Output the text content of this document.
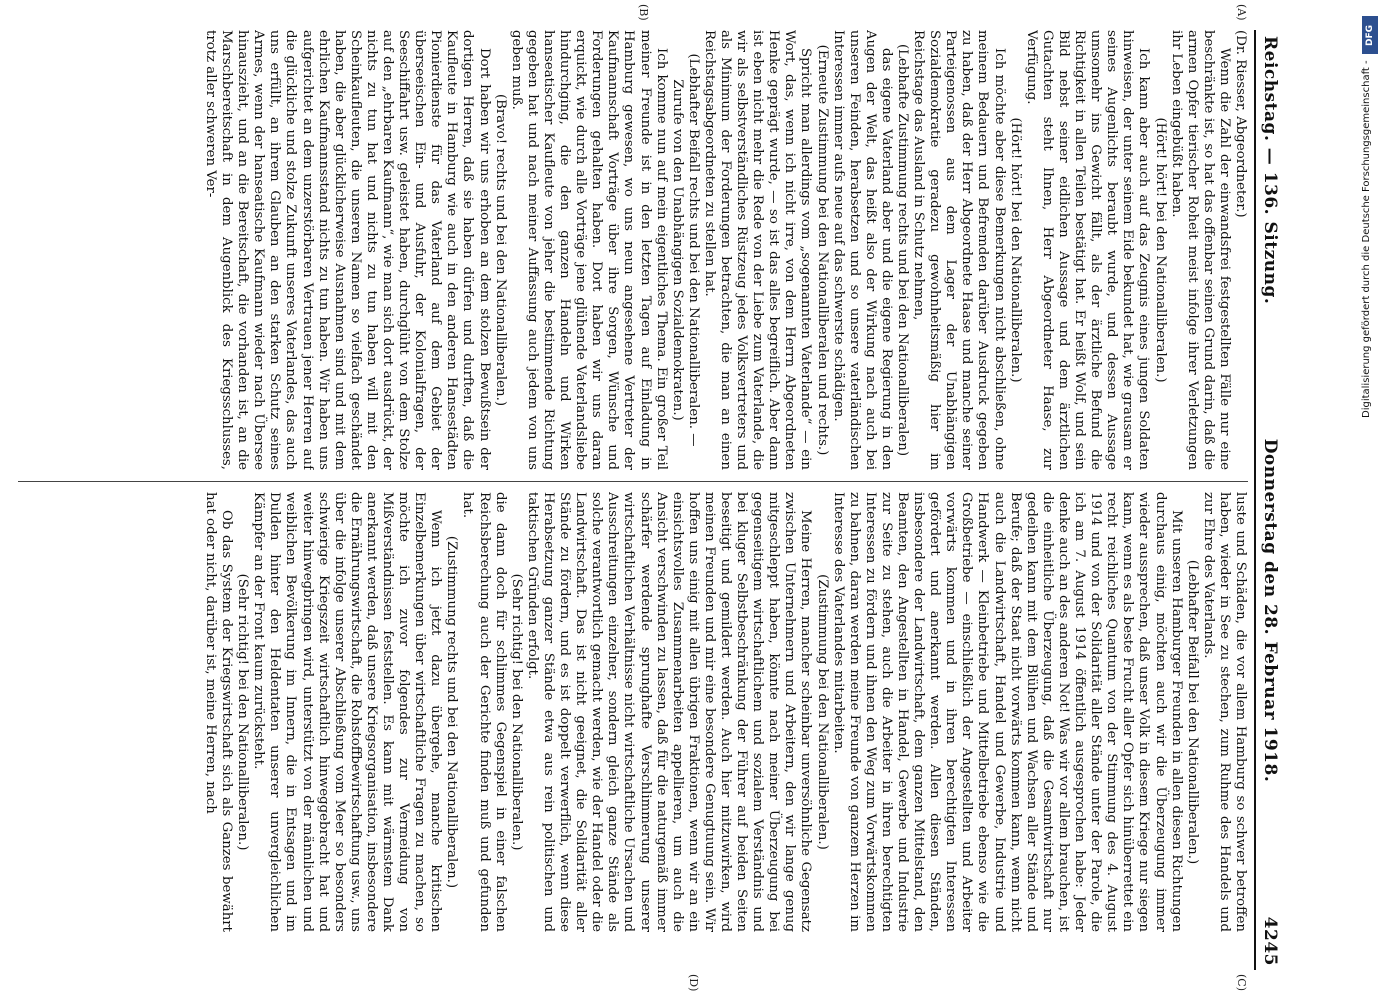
Reichstag. — 136. Sitzung.
Donnerstag den 28. Februar 1918.
4245

(Dr. Riesser, Abgeordneter.)

Wenn die Zahl der einwandsfrei festgestellten Fälle nur eine beschränkte ist, so hat das offenbar seinen Grund darin, daß die armen Opfer tierischer Roheit meist infolge ihrer Verletzungen ihr Leben eingebüßt haben.

(Hört! hört! bei den Nationalliberalen.)

Ich kann aber auch auf das Zeugnis eines jungen Soldaten hinweisen, der unter seinem Eide bekundet hat, wie grausam er seines Augenlichts beraubt wurde, und dessen Aussage umsomehr ins Gewicht fällt, als der ärztliche Befund die Richtigkeit in allen Teilen bestätigt hat. Er heißt Wolf, und sein Bild nebst seiner eidlichen Aussage und dem ärztlichen Gutachten steht Ihnen, Herr Abgeordneter Haase, zur Verfügung.

(Hört! hört! bei den Nationalliberalen.)

Ich möchte aber diese Bemerkungen nicht abschließen, ohne meinem Bedauern und Befremden darüber Ausdruck gegeben zu haben, daß der Herr Abgeordnete Haase und manche seiner Parteigenossen aus dem Lager der Unabhängigen Sozialdemokratie geradezu gewohnheitsmäßig hier im Reichstage das Ausland in Schutz nehmen,

(Lebhafte Zustimmung rechts und bei den Nationalliberalen)

das eigene Vaterland aber und die eigene Regierung in den Augen der Welt, das heißt also der Wirkung nach auch bei unseren Feinden, herabsetzen und so unsere vaterländischen Interessen immer aufs neue auf das schwerste schädigen.

(Erneute Zustimmung bei den Nationalliberalen und rechts.)

Spricht man allerdings vom „sogenannten Vaterlande“ — ein Wort, das, wenn ich nicht irre, von dem Herrn Abgeordneten Henke geprägt wurde, — so ist das alles begreiflich. Aber dann ist eben nicht mehr die Rede von der Liebe zum Vaterlande, die wir als selbstverständliches Rüstzeug jedes Volksvertreters und als Minimum der Forderungen betrachten, die man an einen Reichstagsabgeordneten zu stellen hat.

(Lebhafter Beifall rechts und bei den Nationalliberalen. — Zurufe von den Unabhängigen Sozialdemokraten.)

Ich komme nun auf mein eigentliches Thema. Ein großer Teil meiner Freunde ist in den letzten Tagen auf Einladung in Hamburg gewesen, wo uns neun angesehene Vertreter der Kaufmannschaft Vorträge über ihre Sorgen, Wünsche und Forderungen gehalten haben. Dort haben wir uns daran erquickt, wie durch alle Vorträge jene glühende Vaterlandsliebe hindurchging, die den ganzen Handeln und Wirken hanseatischer Kaufleute von jeher die bestimmende Richtung gegeben hat und nach meiner Auffassung auch jedem von uns geben muß.

(Bravo! rechts und bei den Nationalliberalen.)

Dort haben wir uns erhoben an dem stolzen Bewußtsein der dortigen Herren, daß sie haben dürfen und durften, daß die Kaufleute in Hamburg wie auch in den anderen Hansestädten Pionierdienste für das Vaterland auf dem Gebiet der überseeischen Ein- und Ausfuhr, der Kolonialfragen, der Seeschiffahrt usw. geleistet haben, durchglüht von dem Stolze auf den „ehrbaren Kaufmann“, wie man sich dort ausdrückt, der nichts zu tun hat und nichts zu tun haben will mit den Scheinkaufleuten, die unseren Namen so vielfach geschändet haben, die aber glücklicherweise Ausnahmen sind und mit dem ehrlichen Kaufmannsstand nichts zu tun haben. Wir haben uns aufgerichtet an dem unzerstörbaren Vertrauen jener Herren auf die glückliche und stolze Zukunft unseres Vaterlandes, das auch uns erfüllt, an ihrem Glauben an den starken Schutz seines Armes, wenn der hanseatische Kaufmann wieder nach Übersee hinauszieht, und an die Bereitschaft, die vorhanden ist, an die Marschbereitschaft in dem Augenblick des Kriegsschlusses, trotz aller schweren Ver-

luste und Schäden, die vor allem Hamburg so schwer betroffen haben, wieder in See zu stechen, zum Ruhme des Handels und zur Ehre des Vaterlands.

(Lebhafter Beifall bei den Nationalliberalen.)

Mit unseren Hamburger Freunden in allen diesen Richtungen durchaus einig, möchten auch wir die Überzeugung immer wieder aussprechen, daß unser Volk in diesem Kriege nur siegen kann, wenn es als beste Frucht aller Opfer sich hinüberrettet ein recht reichliches Quantum von der Stimmung des 4. August 1914 und von der Solidarität aller Stände unter der Parole, die ich am 7. August 1914 öffentlich ausgesprochen habe: Jeder denke auch an des anderen Not! Was wir vor allem brauchen, ist die einheitliche Überzeugung, daß die Gesamtwirtschaft nur gedeihen kann mit dem Blühen und Wachsen aller Stände und Berufe; daß der Staat nicht vorwärts kommen kann, wenn nicht auch die Landwirtschaft, Handel und Gewerbe, Industrie und Handwerk — Kleinbetriebe und Mittelbetriebe ebenso wie die Großbetriebe — einschließlich der Angestellten und Arbeiter vorwärts kommen und in ihren berechtigten Interessen gefördert und anerkannt werden. Allen diesen Ständen, insbesondere der Landwirtschaft, dem ganzen Mittelstand, den Beamten, den Angestellten in Handel, Gewerbe und Industrie zur Seite zu stehen, auch die Arbeiter in ihren berechtigten Interessen zu fördern und ihnen den Weg zum Vorwärtskommen zu bahnen, daran werden meine Freunde von ganzem Herzen im Interesse des Vaterlandes mitarbeiten.

(Zustimmung bei den Nationalliberalen.)

Meine Herren, mancher scheinbar unversöhnliche Gegensatz zwischen Unternehmern und Arbeitern, den wir lange genug mitgeschleppt haben, könnte nach meiner Überzeugung bei gegenseitigem wirtschaftlichem und sozialem Verständnis und bei kluger Selbstbeschränkung der Führer auf beiden Seiten beseitigt und gemildert werden. Auch hier mitzuwirken, wird meinen Freunden und mir eine besondere Genugtuung sein. Wir hoffen uns einig mit allen übrigen Fraktionen, wenn wir an ein einsichtsvolles Zusammenarbeiten appellieren, um auch die Ansicht verschwinden zu lassen, daß für die naturgemäß immer schärfer werdende sprunghafte Verschlimmerung unserer wirtschaftlichen Verhältnisse nicht wirtschaftliche Ursachen und Ausschreitungen einzelner, sondern gleich ganze Stände als solche verantwortlich gemacht werden, wie der Handel oder die Landwirtschaft. Das ist nicht geeignet, die Solidarität aller Stände zu fördern, und es ist doppelt verwerflich, wenn diese Herabsetzung ganzer Stände etwa aus rein politischen und taktischen Gründen erfolgt.

(Sehr richtig! bei den Nationalliberalen.)

die dann doch für schlimmes Gegenspiel in einer falschen Reichsberechung auch der Gerichte finden muß und gefunden hat.

(Zustimmung rechts und bei den Nationalliberalen.)

Wenn ich jetzt dazu übergehe, manche kritischen Einzelbemerkungen über wirtschaftliche Fragen zu machen, so möchte ich zuvor folgendes zur Vermeidung von Mißverständnissen feststellen. Es kann mit wärmstem Dank anerkannt werden, daß unsere Kriegsorganisation, insbesondere die Ernährungswirtschaft, die Rohstoffbewirtschaftung usw., uns über die infolge unserer Abschließung vom Meer so besonders schwierige Kriegszeit wirtschaftlich hinweggebracht hat und weiter hinwegbringen wird, unterstützt von der männlichen und weiblichen Bevölkerung im Innern, die in Entsagen und im Dulden hinter den Heldentaten unserer unvergleichlichen Kämpfer an der Front kaum zurücksteht.

(Sehr richtig! bei den Nationalliberalen.)

Ob das System der Kriegswirtschaft sich als Ganzes bewährt hat oder nicht, darüber ist, meine Herren, nach

(A)
(B)
(C)
(D)
DFG
Digitalisierung gefördert durch die Deutsche Forschungsgemeinschaft -
